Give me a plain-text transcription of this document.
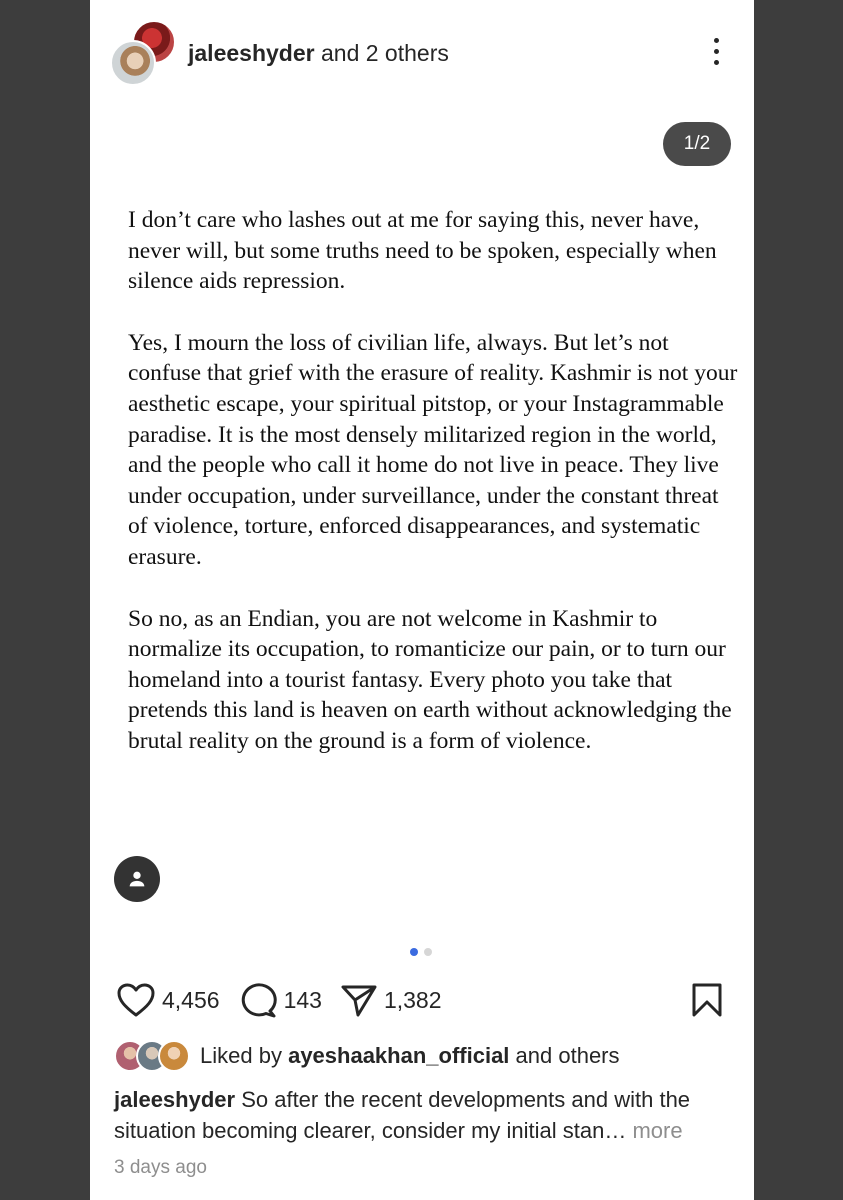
jaleeshyder and 2 others
1/2

I don’t care who lashes out at me for saying this, never have, never will, but some truths need to be spoken, especially when silence aids repression.

Yes, I mourn the loss of civilian life, always. But let’s not confuse that grief with the erasure of reality. Kashmir is not your aesthetic escape, your spiritual pitstop, or your Instagrammable paradise. It is the most densely militarized region in the world, and the people who call it home do not live in peace. They live under occupation, under surveillance, under the constant threat of violence, torture, enforced disappearances, and systematic erasure.

So no, as an Endian, you are not welcome in Kashmir to normalize its occupation, to romanticize our pain, or to turn our homeland into a tourist fantasy. Every photo you take that pretends this land is heaven on earth without acknowledging the brutal reality on the ground is a form of violence.

4,456	143	1,382
Liked by ayeshaakhan_official and others
jaleeshyder So after the recent developments and with the situation becoming clearer, consider my initial stan… more
3 days ago
